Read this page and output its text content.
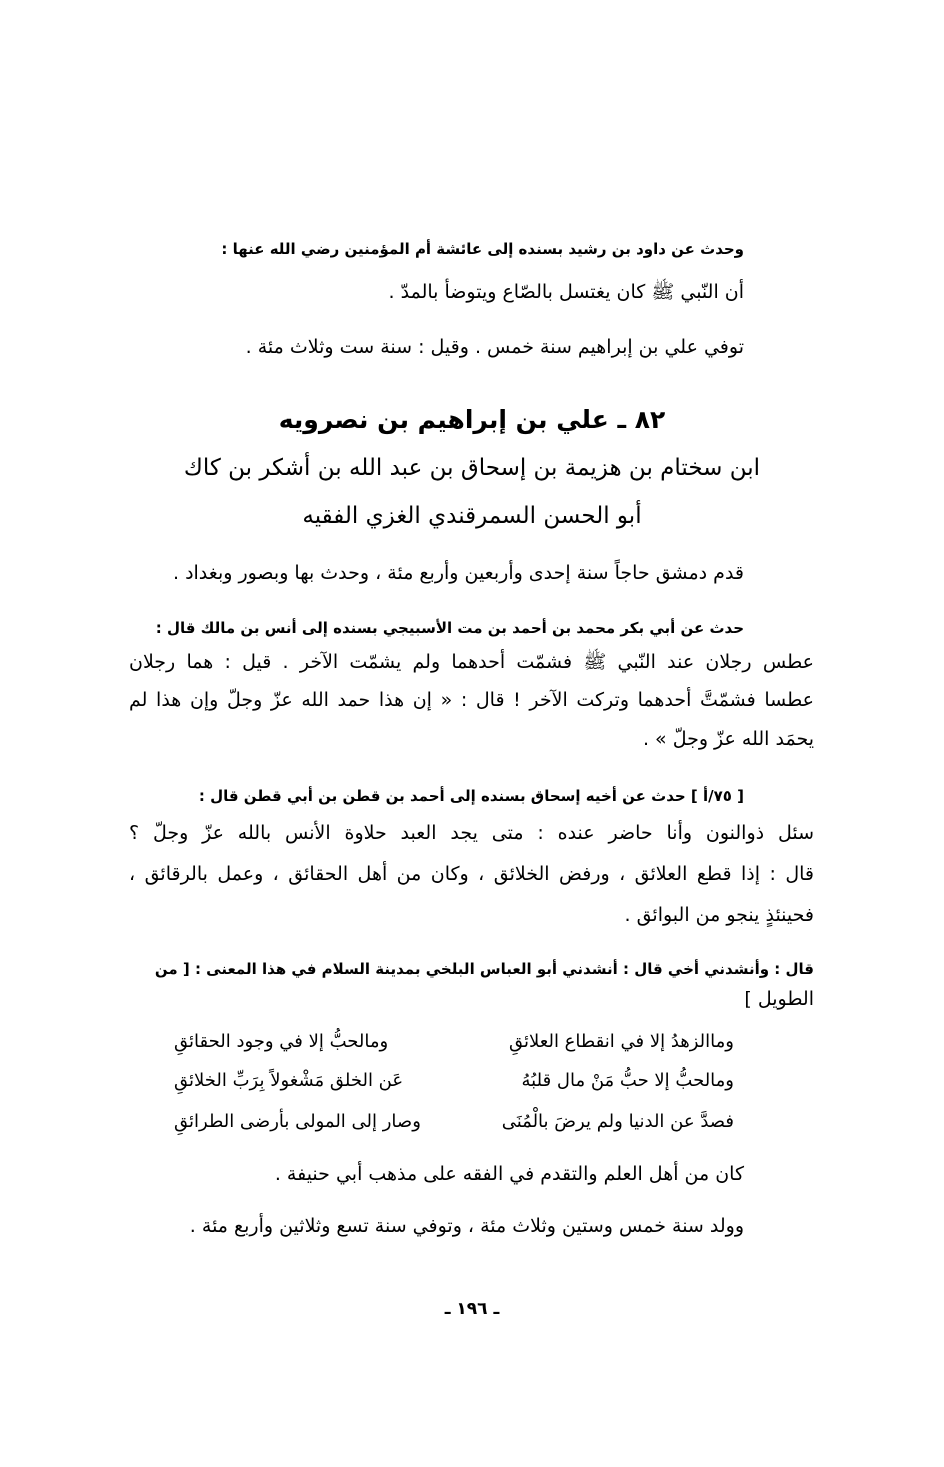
وحدث عن داود بن رشيد بسنده إلى عائشة أم المؤمنين رضي الله عنها :
أن النّبي ﷺ كان يغتسل بالصّاع ويتوضأ بالمدّ .
توفي علي بن إبراهيم سنة خمس . وقيل : سنة ست وثلاث مئة .
٨٢ ـ علي بن إبراهيم بن نصرويه
ابن سختام بن هزيمة بن إسحاق بن عبد الله بن أشكر بن كاك
أبو الحسن السمرقندي الغزي الفقيه
قدم دمشق حاجاً سنة إحدى وأربعين وأربع مئة ، وحدث بها وبصور وبغداد .
حدث عن أبي بكر محمد بن أحمد بن مت الأسبيجي بسنده إلى أنس بن مالك قال :
عطس رجلان عند النّبي ﷺ فشمّت أحدهما ولم يشمّت الآخر . قيل : هما رجلان
عطسا فشمّتَّ أحدهما وتركت الآخر ! قال : « إن هذا حمد الله عزّ وجلّ وإن هذا لم
يحمَد الله عزّ وجلّ » .
[ ٧٥/أ ] حدث عن أخيه إسحاق بسنده إلى أحمد بن قطن بن أبي قطن قال :
سئل ذوالنون وأنا حاضر عنده : متى يجد العبد حلاوة الأنس بالله عزّ وجلّ ؟
قال : إذا قطع العلائق ، ورفض الخلائق ، وكان من أهل الحقائق ، وعمل بالرقائق ،
فحينئذٍ ينجو من البوائق .
قال : وأنشدني أخي قال : أنشدني أبو العباس البلخي بمدينة السلام في هذا المعنى : [ من
الطويل ]
وماالزهدُ إلا في انقطاع العلائقِ
ومالحبُّ إلا في وجود الحقائقِ
ومالحبُّ إلا حبُّ مَنْ مال قلبُهُ
عَن الخلق مَشْغولاً بِرَبِّ الخلائقِ
فصدَّ عن الدنيا ولم يرضَ بالْمُنَى
وصار إلى المولى بأرضى الطرائقِ
كان من أهل العلم والتقدم في الفقه على مذهب أبي حنيفة .
وولد سنة خمس وستين وثلاث مئة ، وتوفي سنة تسع وثلاثين وأربع مئة .
ـ ١٩٦ ـ
